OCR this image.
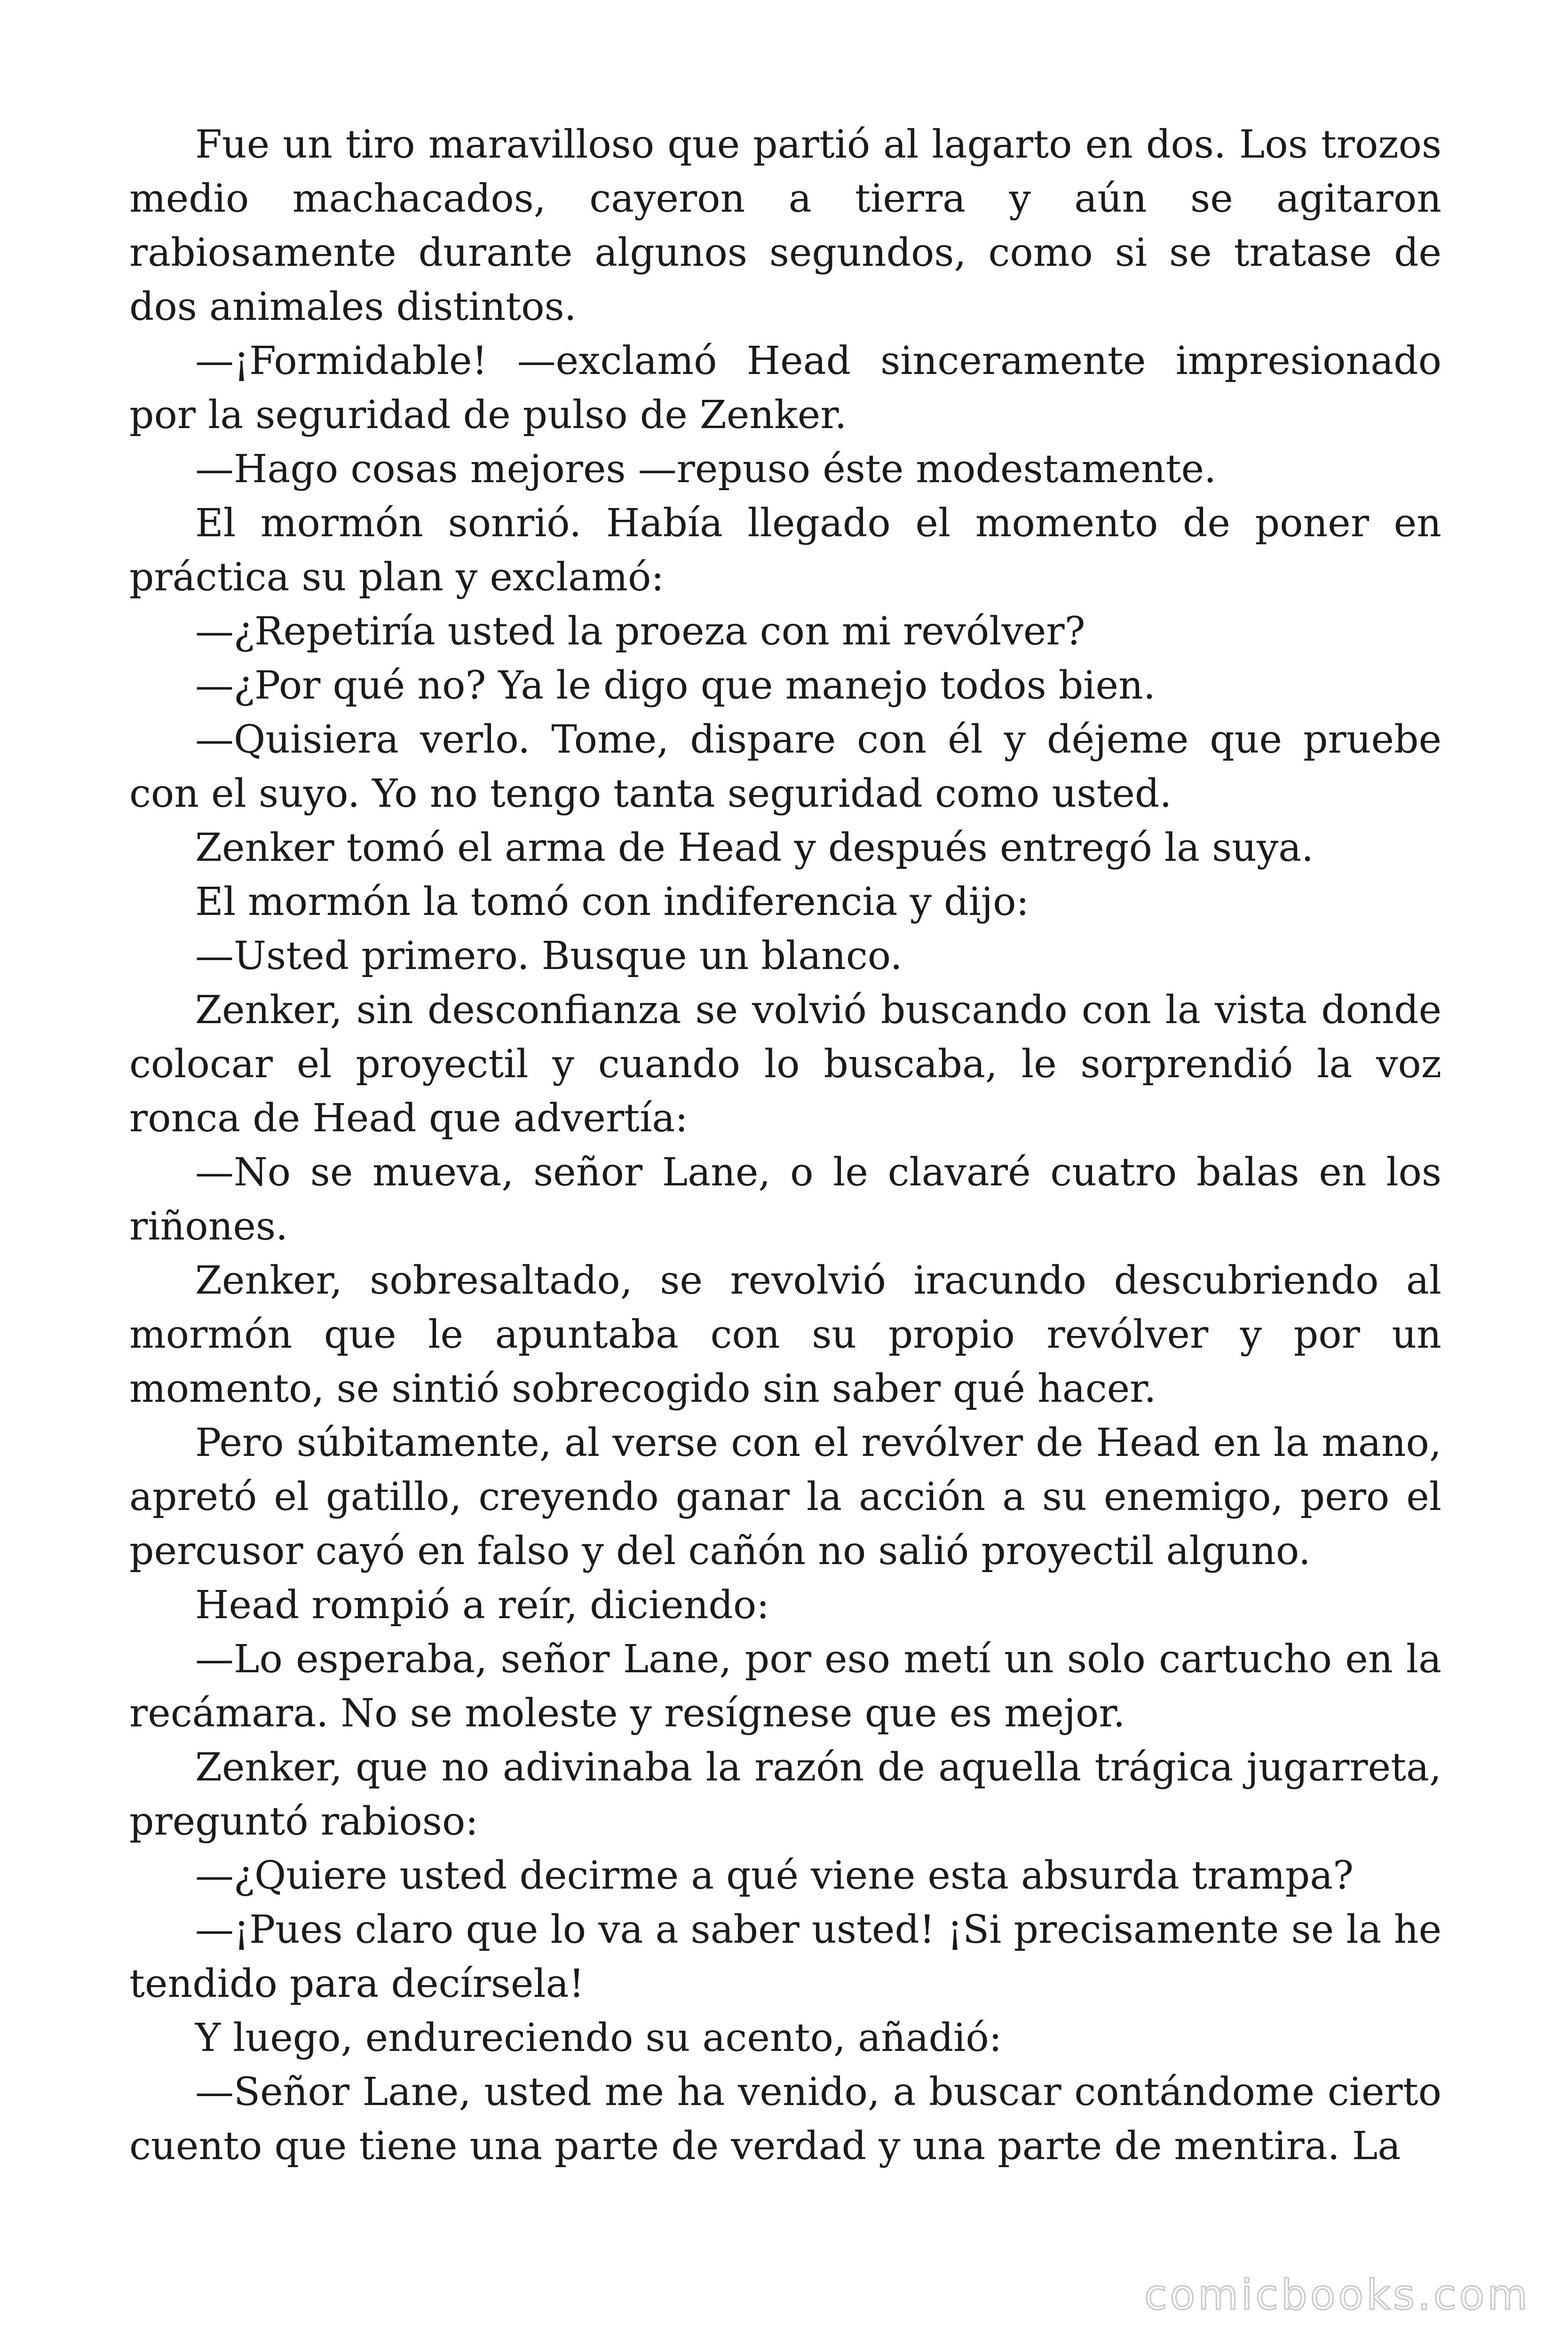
Fue un tiro maravilloso que partió al lagarto en dos. Los trozos medio machacados, cayeron a tierra y aún se agitaron rabiosamente durante algunos segundos, como si se tratase de dos animales distintos.

—¡Formidable! —exclamó Head sinceramente impresionado por la seguridad de pulso de Zenker.

—Hago cosas mejores —repuso éste modestamente.

El mormón sonrió. Había llegado el momento de poner en práctica su plan y exclamó:

—¿Repetiría usted la proeza con mi revólver?

—¿Por qué no? Ya le digo que manejo todos bien.

—Quisiera verlo. Tome, dispare con él y déjeme que pruebe con el suyo. Yo no tengo tanta seguridad como usted.

Zenker tomó el arma de Head y después entregó la suya.

El mormón la tomó con indiferencia y dijo:

—Usted primero. Busque un blanco.

Zenker, sin desconfianza se volvió buscando con la vista donde colocar el proyectil y cuando lo buscaba, le sorprendió la voz ronca de Head que advertía:

—No se mueva, señor Lane, o le clavaré cuatro balas en los riñones.

Zenker, sobresaltado, se revolvió iracundo descubriendo al mormón que le apuntaba con su propio revólver y por un momento, se sintió sobrecogido sin saber qué hacer.

Pero súbitamente, al verse con el revólver de Head en la mano, apretó el gatillo, creyendo ganar la acción a su enemigo, pero el percusor cayó en falso y del cañón no salió proyectil alguno.

Head rompió a reír, diciendo:

—Lo esperaba, señor Lane, por eso metí un solo cartucho en la recámara. No se moleste y resígnese que es mejor.

Zenker, que no adivinaba la razón de aquella trágica jugarreta, preguntó rabioso:

—¿Quiere usted decirme a qué viene esta absurda trampa?

—¡Pues claro que lo va a saber usted! ¡Si precisamente se la he tendido para decírsela!

Y luego, endureciendo su acento, añadió:

—Señor Lane, usted me ha venido, a buscar contándome cierto cuento que tiene una parte de verdad y una parte de mentira. La

comicbooks.com
